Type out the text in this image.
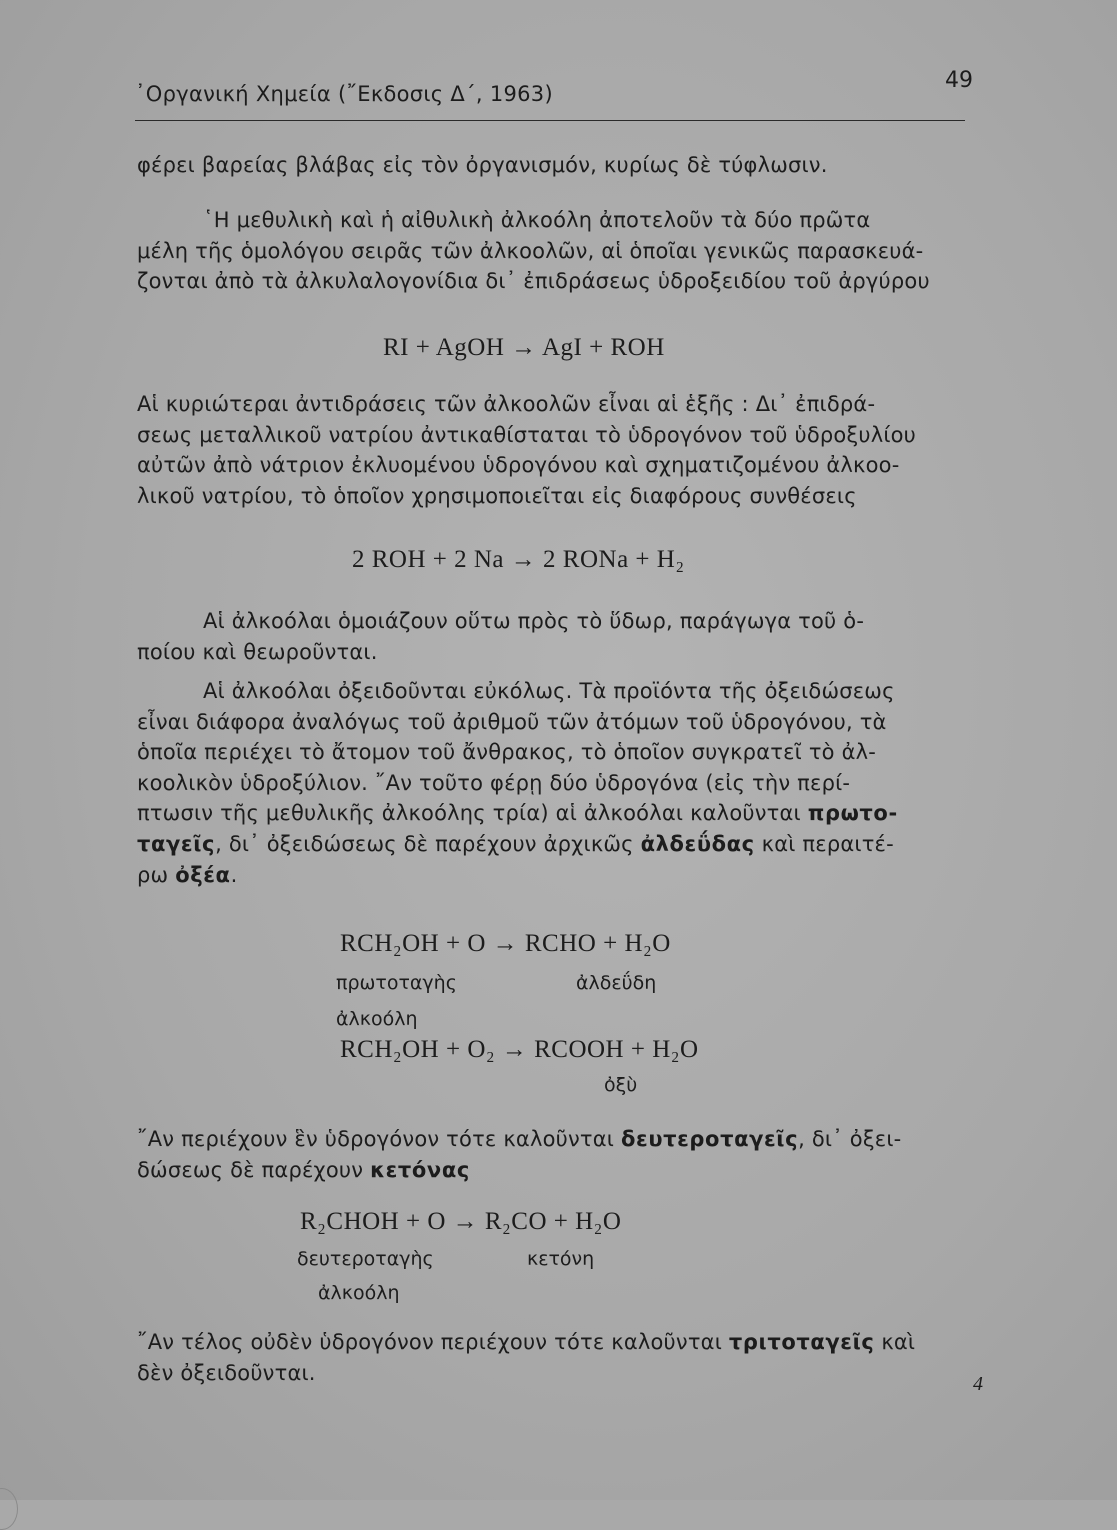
᾽Οργανική Χημεία (῎Εκδοσις Δ΄, 1963)
49
φέρει βαρείας βλάβας εἰς τὸν ὀργανισμόν, κυρίως δὲ τύφλωσιν.
῾Η μεθυλικὴ καὶ ἡ αἰθυλικὴ ἀλκοόλη ἀποτελοῦν τὰ δύο πρῶτα
μέλη τῆς ὁμολόγου σειρᾶς τῶν ἀλκοολῶν, αἱ ὁποῖαι γενικῶς παρασκευά-
ζονται ἀπὸ τὰ ἀλκυλαλογονίδια δι᾽ ἐπιδράσεως ὑδροξειδίου τοῦ ἀργύρου
RI + AgOH → AgI + ROH
Αἱ κυριώτεραι ἀντιδράσεις τῶν ἀλκοολῶν εἶναι αἱ ἑξῆς : Δι᾽ ἐπιδρά-
σεως μεταλλικοῦ νατρίου ἀντικαθίσταται τὸ ὑδρογόνον τοῦ ὑδροξυλίου
αὐτῶν ἀπὸ νάτριον ἐκλυομένου ὑδρογόνου καὶ σχηματιζομένου ἀλκοο-
λικοῦ νατρίου, τὸ ὁποῖον χρησιμοποιεῖται εἰς διαφόρους συνθέσεις
2 ROH + 2 Na → 2 RONa + H₂
Αἱ ἀλκοόλαι ὁμοιάζουν οὕτω πρὸς τὸ ὕδωρ, παράγωγα τοῦ ὁ-
ποίου καὶ θεωροῦνται.
Αἱ ἀλκοόλαι ὀξειδοῦνται εὐκόλως. Τὰ προϊόντα τῆς ὀξειδώσεως
εἶναι διάφορα ἀναλόγως τοῦ ἀριθμοῦ τῶν ἀτόμων τοῦ ὑδρογόνου, τὰ
ὁποῖα περιέχει τὸ ἄτομον τοῦ ἄνθρακος, τὸ ὁποῖον συγκρατεῖ τὸ ἀλ-
κοολικὸν ὑδροξύλιον. ῎Αν τοῦτο φέρῃ δύο ὑδρογόνα (εἰς τὴν περί-
πτωσιν τῆς μεθυλικῆς ἀλκοόλης τρία) αἱ ἀλκοόλαι καλοῦνται πρωτο-
ταγεῖς, δι᾽ ὀξειδώσεως δὲ παρέχουν ἀρχικῶς ἀλδεΰδας καὶ περαιτέ-
ρω ὀξέα.
RCH₂OH + O → RCHO + H₂O
πρωτοταγὴς	ἀλδεΰδη
ἀλκοόλη
RCH₂OH + O₂ → RCOOH + H₂O
ὀξὺ
῎Αν περιέχουν ἓν ὑδρογόνον τότε καλοῦνται δευτεροταγεῖς, δι᾽ ὀξει-
δώσεως δὲ παρέχουν κετόνας
R₂CHOH + O → R₂CO + H₂O
δευτεροταγὴς	κετόνη
ἀλκοόλη
῎Αν τέλος οὐδὲν ὑδρογόνον περιέχουν τότε καλοῦνται τριτοταγεῖς καὶ
δὲν ὀξειδοῦνται.	4
